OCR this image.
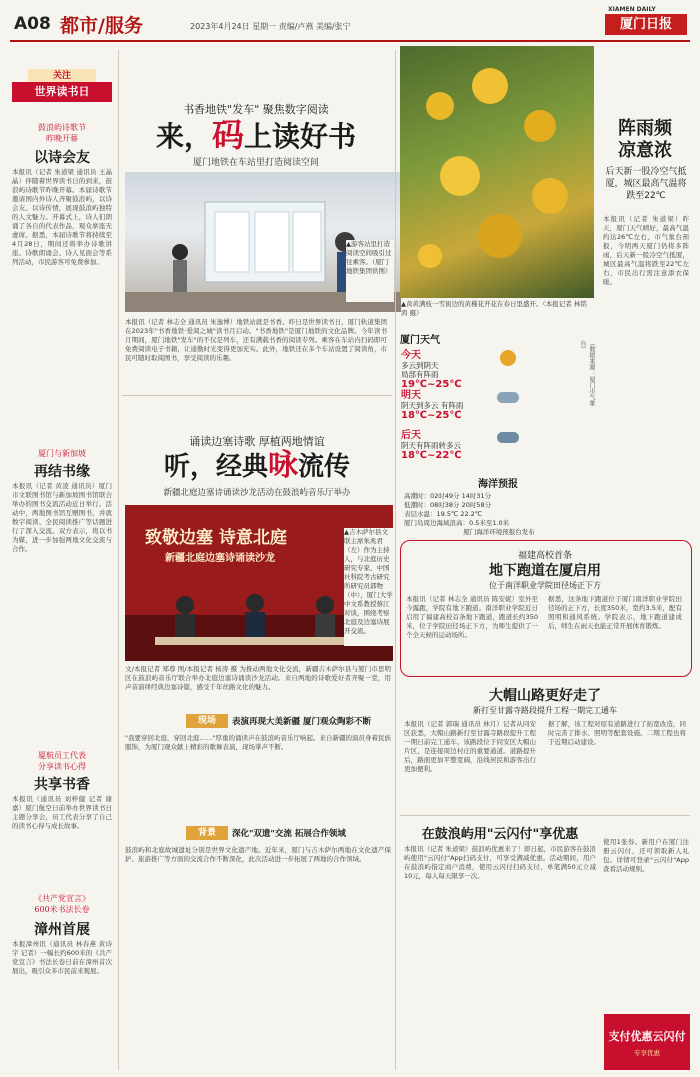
A08 都市/服务	2023年4月24日 星期一 责编/卢燕 美编/张宁
XIAMEN DAILY
厦门日报
关注
世界读书日
鼓浪屿诗歌节
昨晚开幕
以诗会友
本报讯（记者 朱道梁 通讯员 王晶晶）伴随着世界读书日的到来，鼓浪屿诗歌节昨晚开幕。本届诗歌节邀请国内外诗人齐聚鼓浪屿，以诗会友、以诗传情，展现鼓浪屿独特的人文魅力。开幕式上，诗人们朗诵了各自的代表作品，观众席座无虚席。据悉，本届诗歌节将持续至4月28日，期间还将举办诗歌讲座、诗歌朗诵会、诗人见面会等系列活动，市民游客可免费参加。
厦门与新加坡
再结书缘
本报讯（记者 黄凌 通讯员）厦门市文联图书馆与新加坡图书馆联合举办的图书交流活动近日举行。活动中，两地图书馆互赠图书，并就数字阅读、全民阅读推广等话题进行了深入交流。双方表示，将以书为媒，进一步加强两地文化交流与合作。
厦航员工代表
分享读书心得
共享书香
本报讯（通讯员 刘梓健 记者 谢嘉）厦门航空日前举办世界读书日主题分享会，员工代表分享了自己的读书心得与成长故事。
《共产党宣言》
600米书法长卷
漳州首展
本报漳州讯（通讯员 林春燕 黄诗宇 记者）一幅长约600米的《共产党宣言》书法长卷日前在漳州首次展出，吸引众多市民前来观展。
书香地铁"发车" 聚焦数字阅读
来，码上读好书
厦门地铁在车站里打造阅读空间
▲游客站里打造阅读空间吸引过往乘客。（厦门地铁集团供图）
本报讯（记者 林志全 通讯员 朱逸博）地铁站就是书香。昨日是世界读书日，厦门轨道集团在2023年"书香地铁·爱阅之城"读书月启动。"书香地铁"是厦门地铁的文化品牌。今年读书月期间，厦门地铁"发车"的不仅是列车，还有满载书香的阅读专列。乘客在车站内扫码即可免费阅读电子书籍，让通勤时光变得更加充实。此外，地铁还在多个车站设置了阅读角，市民可随时取阅图书，享受阅读的乐趣。
诵读边塞诗歌 厚植两地情谊
听，经典咏流传
新疆北庭边塞诗诵读沙龙活动在鼓浪屿音乐厅举办
致敬边塞 诗意北庭
新疆北庭边塞诗诵读沙龙
▲吉木萨尔县文联主席朱兆君（左）作为主持人，与北庭历史研究专家、中国社科院考古研究所研究员郭物（中），厦门大学中文系教授蔡江对谈，围绕考察北庭及边塞诗展开交流。
文/本报记者 郑尊 图/本报记者 杨涛 摄 为推动两地文化交流，新疆吉木萨尔县与厦门市思明区在鼓浪屿音乐厅联合举办北庭边塞诗诵读沙龙活动。来自两地的诗歌爱好者齐聚一堂，用声音演绎经典边塞诗篇，感受千年丝路文化的魅力。
现场	表演再现大美新疆 厦门观众陶彩不断
"我要穿回北庭，穿回北庭……"厚重的诵读声在鼓浪屿音乐厅响起。来自新疆的演员身着民族服饰，为厦门观众献上精彩的歌舞表演，现场掌声不断。
背景	深化"双遗"交流 拓展合作领域
鼓浪屿和北庭故城遗址分别是世界文化遗产地。近年来，厦门与吉木萨尔两地在文化遗产保护、旅游推广等方面的交流合作不断深化，此次活动进一步拓展了两地的合作领域。
▲黄黄满枝一雪街边的黄槿花开花在春日里盛开。（本报记者 林铭鸿 摄）
阵雨频
凉意浓
后天新一股冷空气抵厦，城区最高气温将跌至22℃
本报讯（记者 朱道梁）昨天，厦门天气晴好，最高气温约达26℃左右。市气象台预报，今明两天厦门仍将多阵雨，后天新一股冷空气抵厦，城区最高气温将跌至22℃左右，市民出行需注意添衣保暖。
厦门天气	（数据来源：厦门市气象台）
今天
多云到阴天
局部有阵雨
19℃~25℃
明天
阴天到多云 有阵雨
18℃~25℃
后天
阴天有阵雨转多云
18℃~22℃
海洋预报
高潮时：02时49分 14时31分
低潮时：08时38分 20时58分
表层水温：19.5℃ 22.2℃
厦门岛周边海域浪高：0.5米至1.0米
厦门海洋环境预报台发布
福建高校首条
地下跑道在厦启用
位于南洋职业学院田径场正下方
本报讯（记者 林志全 通讯员 陈安妮）室外至今露跑，学院有地下跑道。南洋职业学院近日启用了福建高校首条地下跑道，跑道长约350米，位于学院田径场正下方，为师生提供了一个全天候的运动场所。
据悉，这条地下跑道位于厦门南洋职业学院田径场的正下方，长度350米，宽约3.5米，配有照明和通风系统。学院表示，地下跑道建成后，师生在雨天也能正常开展体育锻炼。
大帽山路更好走了
新打至甘露寺路段提升工程一期完工通车
本报讯（记者 郭瑞 通讯员 林月）记者从同安区获悉，大帽山路新打至甘露寺路段提升工程一期日前完工通车。该路段位于同安区大帽山片区，是连接周边村庄的重要通道。道路提升后，路面更加平整宽阔，沿线居民和游客出行更加便利。
据了解，该工程对原有道路进行了拓宽改造，同时完善了排水、照明等配套设施。二期工程也将于近期启动建设。
在鼓浪屿用"云闪付"享优惠
本报讯（记者 朱道梁）鼓浪屿优惠来了！即日起，市民游客在鼓浪屿使用"云闪付"App扫码支付，可享受满减优惠。活动期间，用户在鼓浪屿指定商户消费，使用云闪付扫码支付，单笔满50元立减10元，每人每天限享一次。
使用1张券。新用户在厦门注册云闪付，还可领取新人礼包。详情可登录"云闪付"App查看活动规则。
支付优惠云闪付
专享优惠
